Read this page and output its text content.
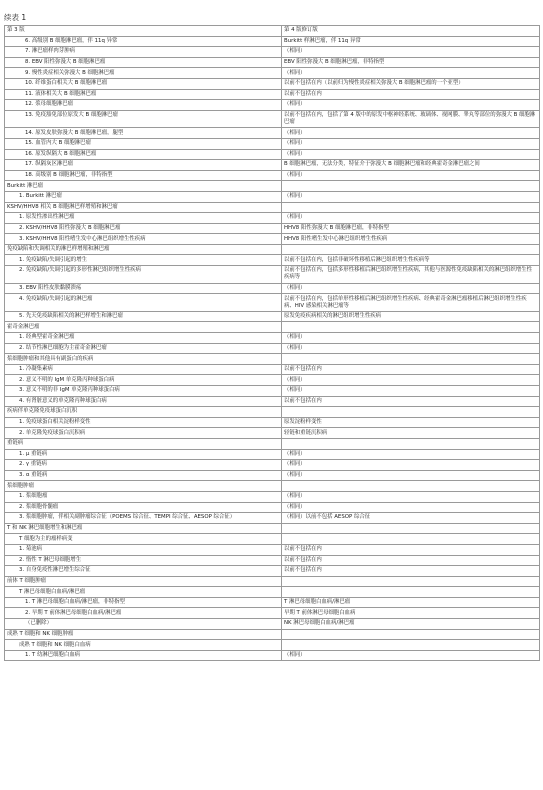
续表 1
第 3 版	第 4 版修订版
6. 高级别 B 细胞淋巴瘤，伴 11q 异常	Burkitt 样淋巴瘤，伴 11q 异常
7. 淋巴瘤样肉芽肿病	（相同）
8. EBV 阳性弥漫大 B 细胞淋巴瘤	EBV 阳性弥漫大 B 细胞淋巴瘤，非特指型
9. 慢性炎症相关弥漫大 B 细胞淋巴瘤	（相同）
10. 纤维蛋白相关大 B 细胞淋巴瘤	以前不包括在内（以前归为慢性炎症相关弥漫大 B 细胞淋巴瘤的一个亚型）
11. 液体相关大 B 细胞淋巴瘤	以前不包括在内
12. 浆母细胞淋巴瘤	（相同）
13. 免疫豁免部位原发大 B 细胞淋巴瘤	以前不包括在内，包括了第 4 版中的原发中枢神经系统、玻璃体、视网膜、睾丸等部位的弥漫大 B 细胞淋巴瘤
14. 原发皮肤弥漫大 B 细胞淋巴瘤，腿型	（相同）
15. 血管内大 B 细胞淋巴瘤	（相同）
16. 原发纵隔大 B 细胞淋巴瘤	（相同）
17. 纵隔灰区淋巴瘤	B 细胞淋巴瘤，无法分类，特征介于弥漫大 B 细胞淋巴瘤和经典霍奇金淋巴瘤之间
18. 高级别 B 细胞淋巴瘤，非特指型	（相同）
Burkitt 淋巴瘤	
1. Burkitt 淋巴瘤	（相同）
KSHV/HHV8 相关 B 细胞淋巴样增殖和淋巴瘤	
1. 原发性渗出性淋巴瘤	（相同）
2. KSHV/HHV8 阳性弥漫大 B 细胞淋巴瘤	HHV8 阳性弥漫大 B 细胞淋巴瘤，非特指型
3. KSHV/HHV8 阳性嗜生发中心淋巴组织增生性疾病	HHV8 阳性嗜生发中心淋巴组织增生性疾病
免疫缺陷和失调相关的淋巴样增殖和淋巴瘤	
1. 免疫缺陷/失调引起的增生	以前不包括在内，包括非破坏性移植后淋巴组织增生性疾病等
2. 免疫缺陷/失调引起的多形性淋巴组织增生性疾病	以前不包括在内，包括多形性移植后淋巴组织增生性疾病，其他与医源性免疫缺陷相关的淋巴组织增生性疾病等
3. EBV 阳性皮肤黏膜溃疡	（相同）
4. 免疫缺陷/失调引起的淋巴瘤	以前不包括在内，包括单形性移植后淋巴组织增生性疾病、经典霍奇金淋巴瘤移植后淋巴组织增生性疾病、HIV 感染相关淋巴瘤等
5. 先天免疫缺陷相关的淋巴样增生和淋巴瘤	原发免疫疾病相关的淋巴组织增生性疾病
霍奇金淋巴瘤	
1. 经典型霍奇金淋巴瘤	（相同）
2. 结节性淋巴细胞为主霍奇金淋巴瘤	（相同）
浆细胞肿瘤和其他具有副蛋白的疾病	
1. 冷凝集素病	以前不包括在内
2. 意义不明的 IgM 单克隆丙种球蛋白病	（相同）
3. 意义不明的非 IgM 单克隆丙种球蛋白病	（相同）
4. 有肾脏意义的单克隆丙种球蛋白病	以前不包括在内
疾病伴单克隆免疫球蛋白沉积	
1. 免疫球蛋白相关淀粉样变性	原发淀粉样变性
2. 单克隆免疫球蛋白沉积病	轻链和重链沉积病
重链病	
1. μ 重链病	（相同）
2. γ 重链病	（相同）
3. α 重链病	（相同）
浆细胞肿瘤	
1. 浆细胞瘤	（相同）
2. 浆细胞骨髓瘤	（相同）
3. 浆细胞肿瘤，伴相关副肿瘤综合征（POEMS 综合征、TEMPI 综合征、AESOP 综合征）	（相同）以前不包括 AESOP 综合征
T 和 NK 淋巴细胞增生和淋巴瘤	
T 细胞为主的瘤样病变	
1. 菊池病	以前不包括在内
2. 惰性 T 淋巴母细胞增生	以前不包括在内
3. 自身免疫性淋巴增生综合征	以前不包括在内
前体 T 细胞肿瘤	
T 淋巴母细胞白血病/淋巴瘤	
1. T 淋巴母细胞白血病/淋巴瘤，非特指型	T 淋巴母细胞白血病/淋巴瘤
2. 早期 T 前体淋巴母细胞白血病/淋巴瘤	早期 T 前体淋巴母细胞白血病
（已删除）	NK 淋巴母细胞白血病/淋巴瘤
成熟 T 细胞和 NK 细胞肿瘤	
成熟 T 细胞和 NK 细胞白血病	
1. T 幼淋巴细胞白血病	（相同）
